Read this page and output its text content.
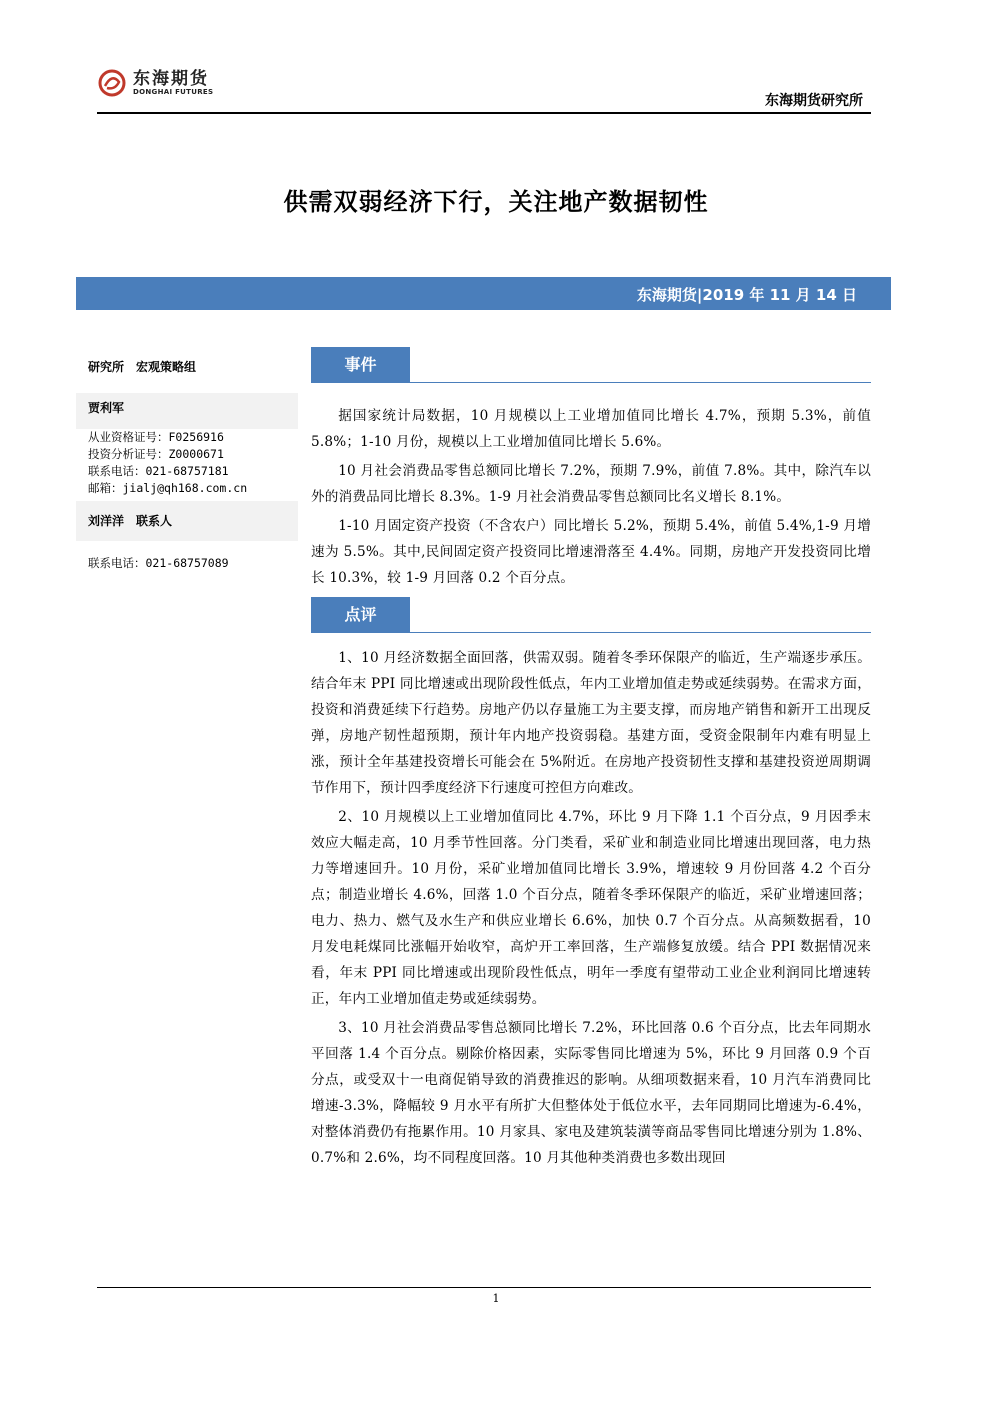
东海期货
DONGHAI FUTURES
东海期货研究所
供需双弱经济下行，关注地产数据韧性
东海期货|2019 年 11 月 14 日
研究所　宏观策略组
贾利军
从业资格证号：F0256916
投资分析证号：Z0000671
联系电话：021-68757181
邮箱：jialj@qh168.com.cn
刘洋洋　联系人
联系电话：021-68757089
事件

据国家统计局数据，10 月规模以上工业增加值同比增长 4.7%，预期 5.3%，前值 5.8%；1-10 月份，规模以上工业增加值同比增长 5.6%。

10 月社会消费品零售总额同比增长 7.2%，预期 7.9%，前值 7.8%。其中，除汽车以外的消费品同比增长 8.3%。1-9 月社会消费品零售总额同比名义增长 8.1%。

1-10 月固定资产投资（不含农户）同比增长 5.2%，预期 5.4%，前值 5.4%,1-9 月增速为 5.5%。其中,民间固定资产投资同比增速滑落至 4.4%。同期，房地产开发投资同比增长 10.3%，较 1-9 月回落 0.2 个百分点。

点评

1、10 月经济数据全面回落，供需双弱。随着冬季环保限产的临近，生产端逐步承压。结合年末 PPI 同比增速或出现阶段性低点，年内工业增加值走势或延续弱势。在需求方面，投资和消费延续下行趋势。房地产仍以存量施工为主要支撑，而房地产销售和新开工出现反弹，房地产韧性超预期，预计年内地产投资弱稳。基建方面，受资金限制年内难有明显上涨，预计全年基建投资增长可能会在 5%附近。在房地产投资韧性支撑和基建投资逆周期调节作用下，预计四季度经济下行速度可控但方向难改。

2、10 月规模以上工业增加值同比 4.7%，环比 9 月下降 1.1 个百分点，9 月因季末效应大幅走高，10 月季节性回落。分门类看，采矿业和制造业同比增速出现回落，电力热力等增速回升。10 月份，采矿业增加值同比增长 3.9%，增速较 9 月份回落 4.2 个百分点；制造业增长 4.6%，回落 1.0 个百分点，随着冬季环保限产的临近，采矿业增速回落；电力、热力、燃气及水生产和供应业增长 6.6%，加快 0.7 个百分点。从高频数据看，10 月发电耗煤同比涨幅开始收窄，高炉开工率回落，生产端修复放缓。结合 PPI 数据情况来看，年末 PPI 同比增速或出现阶段性低点，明年一季度有望带动工业企业利润同比增速转正，年内工业增加值走势或延续弱势。

3、10 月社会消费品零售总额同比增长 7.2%，环比回落 0.6 个百分点，比去年同期水平回落 1.4 个百分点。剔除价格因素，实际零售同比增速为 5%，环比 9 月回落 0.9 个百分点，或受双十一电商促销导致的消费推迟的影响。从细项数据来看，10 月汽车消费同比增速-3.3%，降幅较 9 月水平有所扩大但整体处于低位水平，去年同期同比增速为-6.4%，对整体消费仍有拖累作用。10 月家具、家电及建筑装潢等商品零售同比增速分别为 1.8%、0.7%和 2.6%，均不同程度回落。10 月其他种类消费也多数出现回

1
